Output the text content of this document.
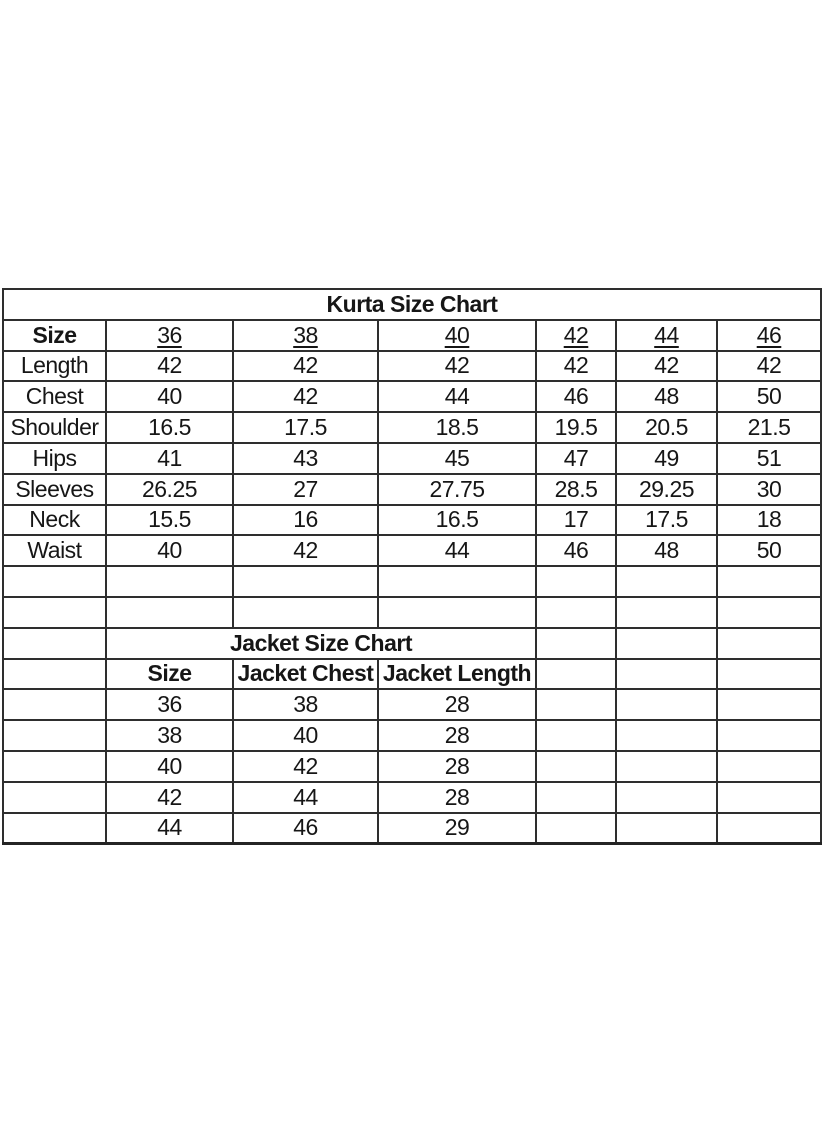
Kurta Size Chart						
Size	36	38	40	42	44	46
Length	42	42	42	42	42	42
Chest	40	42	44	46	48	50
Shoulder	16.5	17.5	18.5	19.5	20.5	21.5
Hips	41	43	45	47	49	51
Sleeves	26.25	27	27.75	28.5	29.25	30
Neck	15.5	16	16.5	17	17.5	18
Waist	40	42	44	46	48	50

	Jacket Size Chart					
	Size	Jacket Chest	Jacket Length			
	36	38	28			
	38	40	28			
	40	42	28			
	42	44	28			
	44	46	29			
